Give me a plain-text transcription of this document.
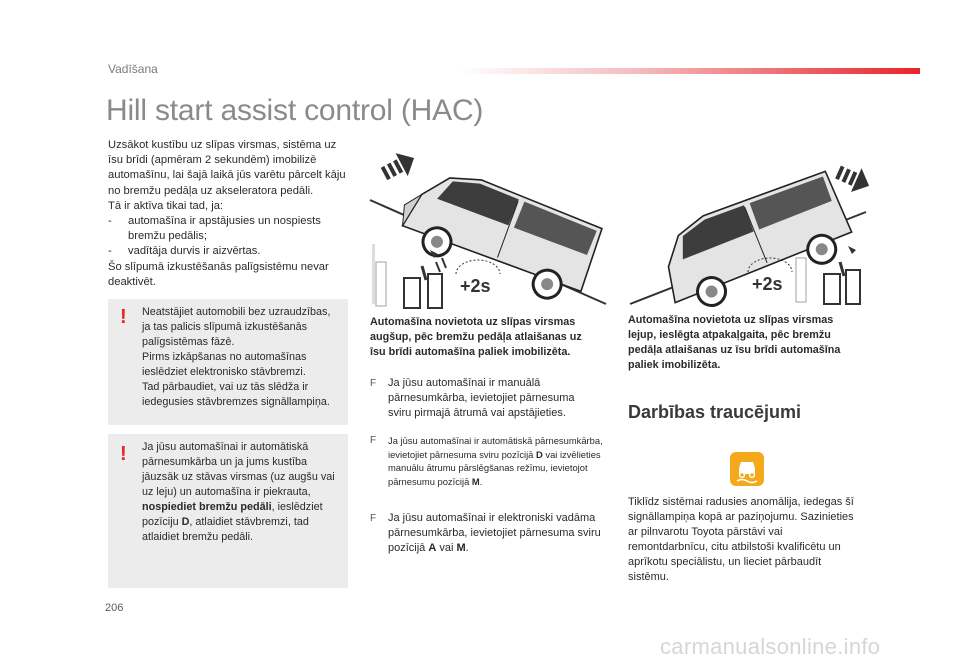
Vadīšana
Hill start assist control (HAC)

Uzsākot kustību uz slīpas virsmas, sistēma uz īsu brīdi (apmēram 2 sekundēm) imobilizē automašīnu, lai šajā laikā jūs varētu pārcelt kāju no bremžu pedāļa uz akseleratora pedāli.

Tā ir aktīva tikai tad, ja:

-	automašīna ir apstājusies un nospiests bremžu pedālis;
-	vadītāja durvis ir aizvērtas.

Šo slīpumā izkustēšanās palīgsistēmu nevar deaktivēt.

! Neatstājiet automobili bez uzraudzības, ja tas palicis slīpumā izkustēšanās palīgsistēmas fāzē.

Pirms izkāpšanas no automašīnas ieslēdziet elektronisko stāvbremzi.

Tad pārbaudiet, vai uz tās slēdža ir iedegusies stāvbremzes signāllampiņa.

! Ja jūsu automašīnai ir automātiskā pārnesumkārba un ja jums kustība jāuzsāk uz stāvas virsmas (uz augšu vai uz leju) un automašīna ir piekrauta, nospiediet bremžu pedāli, ieslēdziet pozīciju D, atlaidiet stāvbremzi, tad atlaidiet bremžu pedāli.

+2s	+2s
Automašīna novietota uz slīpas virsmas augšup, pēc bremžu pedāļa atlaišanas uz īsu brīdi automašīna paliek imobilizēta.
Automašīna novietota uz slīpas virsmas lejup, ieslēgta atpakaļgaita, pēc bremžu pedāļa atlaišanas uz īsu brīdi automašīna paliek imobilizēta.
F	Ja jūsu automašīnai ir manuālā pārnesumkārba, ievietojiet pārnesuma sviru pirmajā ātrumā vai apstājieties.
F	Ja jūsu automašīnai ir automātiskā pārnesumkārba, ievietojiet pārnesuma sviru pozīcijā D vai izvēlieties manuālu ātrumu pārslēgšanas režīmu, ievietojot pārnesumu pozīcijā M.
F	Ja jūsu automašīnai ir elektroniski vadāma pārnesumkārba, ievietojiet pārnesuma sviru pozīcijā A vai M.
Darbības traucējumi
Tiklīdz sistēmai radusies anomālija, iedegas šī signāllampiņa kopā ar paziņojumu. Sazinieties ar pilnvarotu Toyota pārstāvi vai remontdarbnīcu, citu atbilstoši kvalificētu un aprīkotu speciālistu, un lieciet pārbaudīt sistēmu.
206
carmanualsonline.info
